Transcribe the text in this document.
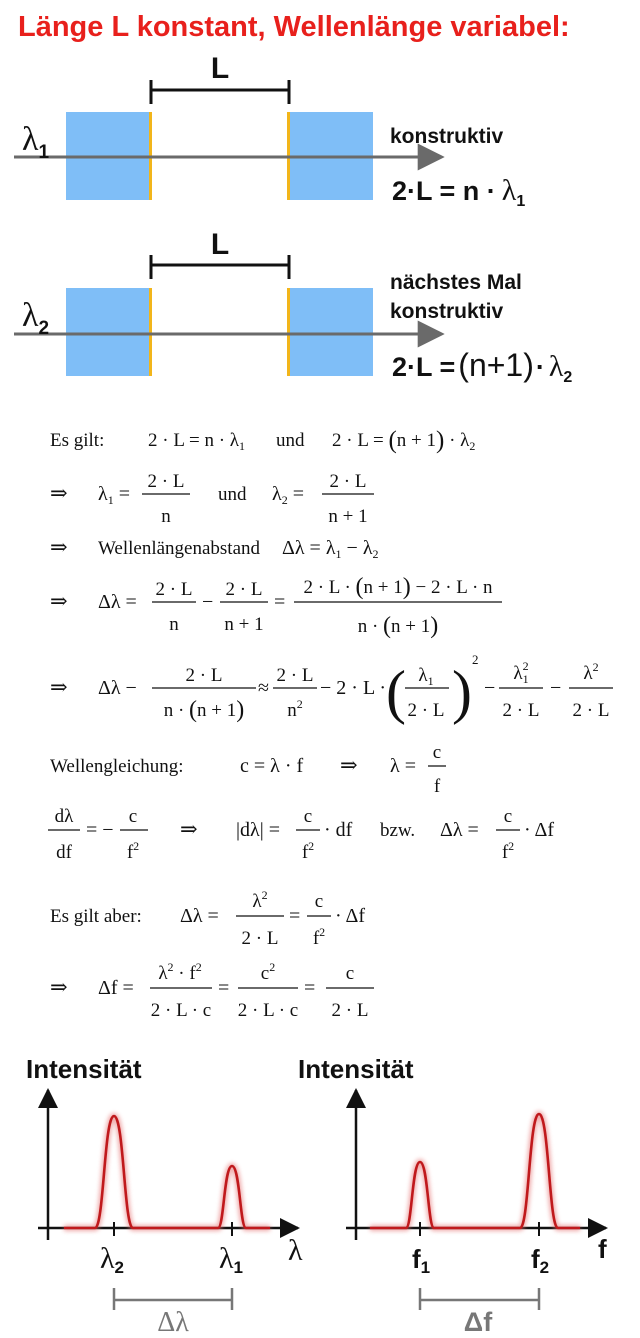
Länge L konstant, Wellenlänge variabel:
L
$\lambda_1$
konstruktiv
$2\cdot L = n \cdot \lambda_1$
L
$\lambda_2$
nächstes Mal
konstruktiv
$2\cdot L =(n+1)\cdot \lambda_2$
Es gilt: $2 \cdot L = n \cdot \lambda_1$ und $2 \cdot L = (n + 1) \cdot \lambda_2$
⇒ $\lambda_1$ =
2 · L
n
und $\lambda_2$ =
2 · L
n + 1
⇒ Wellenlängenabstand $\Delta\lambda = \lambda_1 - \lambda_2$
⇒ Δλ =
2 · L
n
−
2 · L
n + 1
=
2 · L · (n + 1) − 2 · L · n
n · (n + 1)
⇒ Δλ −
2 · L
n · (n + 1)
≈
2 · L
$n^2$
− 2 · L · ( $\lambda_1$
2 · L ) 2
−
$\lambda_12$
2 · L
−
$\lambda^2$
2 · L
Wellengleichung:	c = λ · f ⇒ λ =
c
f
dλ
df
= −
c
$f^2$
⇒ |dλ| =
c
$f^2$
· df bzw. Δλ =
c
$f^2$
· Δf
Es gilt aber: Δλ =
$\lambda^2$
2 · L
=
c
$f^2$
· Δf
⇒ Δf =
$\lambda^2 \cdot f^2$
2 · L · c
=
$c^2$
2 · L · c
=
c
2 · L
Intensität
λ2	λ1
λ
Δλ
Intensität
f1	f2
f
Δf
